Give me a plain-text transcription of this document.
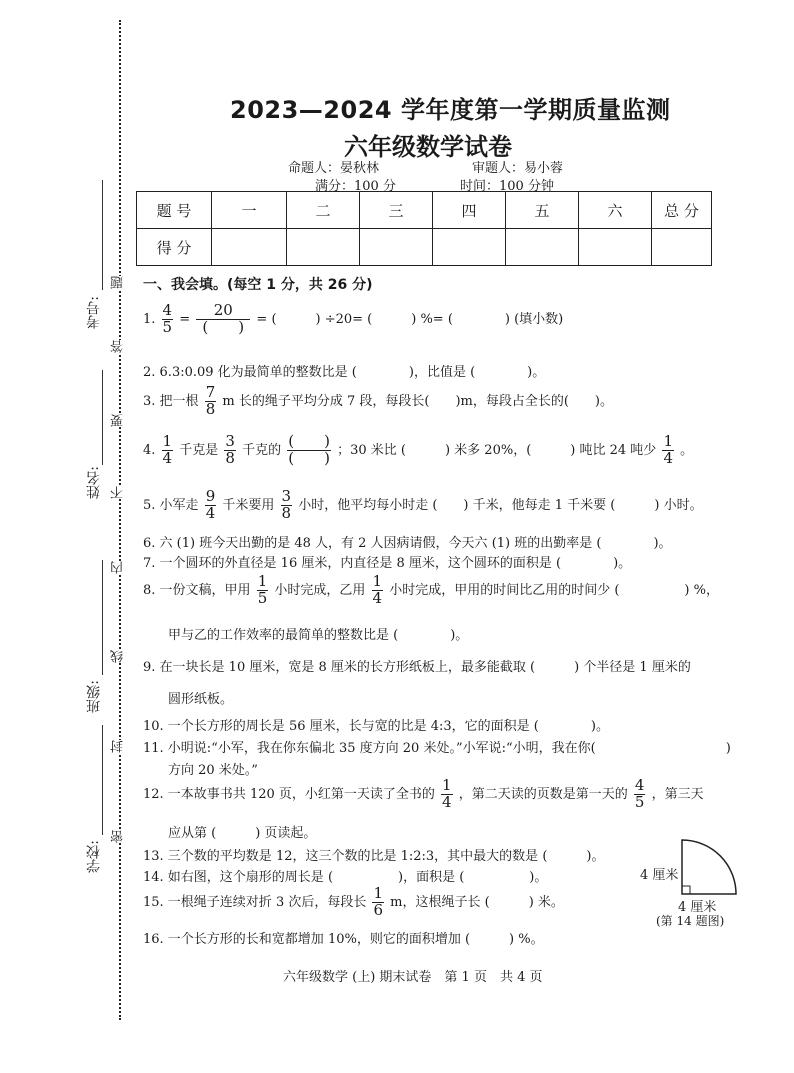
考号:
姓名:
班级:
学校:
题
答
要
不
内
线
封
密
2023—2024 学年度第一学期质量监测
六年级数学试卷
命题人：晏秋林	审题人：易小蓉
满分：100 分	时间：100 分钟
题 号	一	二	三	四	五	六	总 分
得 分							
一、我会填。(每空 1 分，共 26 分)
1. $\frac{4}{5} = \frac{20}{( )}$ = (　　　) ÷20= (　　　) %= (　　　　) (填小数)
2. 6.3:0.09 化为最简单的整数比是 (　　　　)，比值是 (　　　　)。
3. 把一根 $\frac{7}{8}$ m 长的绳子平均分成 7 段，每段长(　　)m，每段占全长的(　　)。
4. $\frac{1}{4}$ 千克是 $\frac{3}{8}$ 千克的 $\frac{( )}{( )}$ ；30 米比 (　　　) 米多 20%，(　　　) 吨比 24 吨少 $\frac{1}{4}$ 。
5. 小军走 $\frac{9}{4}$ 千米要用 $\frac{3}{8}$ 小时，他平均每小时走 (　　) 千米，他每走 1 千米要 (　　　) 小时。
6. 六 (1) 班今天出勤的是 48 人，有 2 人因病请假，今天六 (1) 班的出勤率是 (　　　　)。
7. 一个圆环的外直径是 16 厘米，内直径是 8 厘米，这个圆环的面积是 (　　　　)。
8. 一份文稿，甲用 $\frac{1}{5}$ 小时完成，乙用 $\frac{1}{4}$ 小时完成，甲用的时间比乙用的时间少 (　　　　　) %，
甲与乙的工作效率的最简单的整数比是 (　　　　)。
9. 在一块长是 10 厘米，宽是 8 厘米的长方形纸板上，最多能截取 (　　　) 个半径是 1 厘米的
圆形纸板。
10. 一个长方形的周长是 56 厘米，长与宽的比是 4:3，它的面积是 (　　　　)。
11. 小明说:“小军，我在你东偏北 35 度方向 20 米处。”小军说:“小明，我在你(　　　　　　　　　　)
方向 20 米处。”
12. 一本故事书共 120 页，小红第一天读了全书的 $\frac{1}{4}$ ，第二天读的页数是第一天的 $\frac{4}{5}$ ，第三天
应从第 (　　　) 页读起。
13. 三个数的平均数是 12，这三个数的比是 1:2:3，其中最大的数是 (　　　)。
14. 如右图，这个扇形的周长是 (　　　　　)，面积是 (　　　　　)。
15. 一根绳子连续对折 3 次后，每段长 $\frac{1}{6}$ m，这根绳子长 (　　　) 米。
16. 一个长方形的长和宽都增加 10%，则它的面积增加 (　　　) %。
4 厘米
4 厘米
(第 14 题图)
六年级数学 (上) 期末试卷　第 1 页　共 4 页
